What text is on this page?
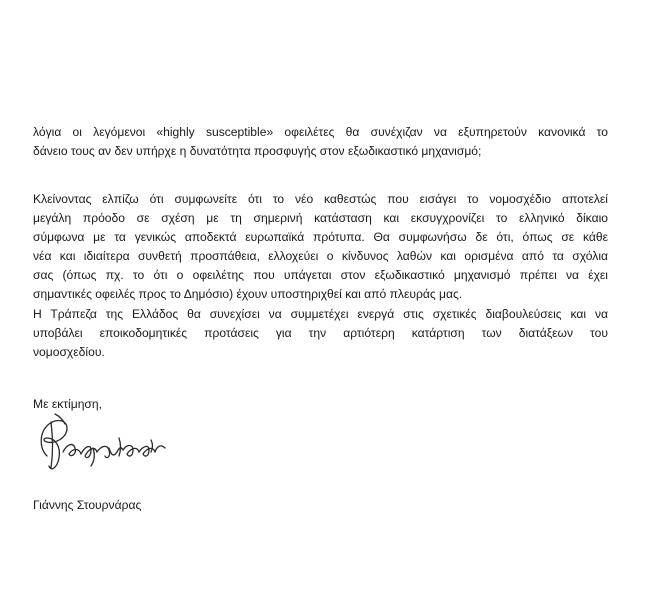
λόγια οι λεγόμενοι «highly susceptible» οφειλέτες θα συνέχιζαν να εξυπηρετούν κανονικά το
δάνειο τους αν δεν υπήρχε η δυνατότητα προσφυγής στον εξωδικαστικό μηχανισμό;

Κλείνοντας ελπίζω ότι συμφωνείτε ότι το νέο καθεστώς που εισάγει το νομοσχέδιο αποτελεί
μεγάλη πρόοδο σε σχέση με τη σημερινή κατάσταση και εκσυγχρονίζει το ελληνικό δίκαιο
σύμφωνα με τα γενικώς αποδεκτά ευρωπαϊκά πρότυπα. Θα συμφωνήσω δε ότι, όπως σε κάθε
νέα και ιδιαίτερα συνθετή προσπάθεια, ελλοχεύει ο κίνδυνος λαθών και ορισμένα από τα σχόλια
σας (όπως πχ. το ότι ο οφειλέτης που υπάγεται στον εξωδικαστικό μηχανισμό πρέπει να έχει
σημαντικές οφειλές προς το Δημόσιο) έχουν υποστηριχθεί και από πλευράς μας.

Η Τράπεζα της Ελλάδος θα συνεχίσει να συμμετέχει ενεργά στις σχετικές διαβουλεύσεις και να
υποβάλει εποικοδομητικές προτάσεις για την αρτιότερη κατάρτιση των διατάξεων του
νομοσχεδίου.

Με εκτίμηση,

Γιάννης Στουρνάρας
